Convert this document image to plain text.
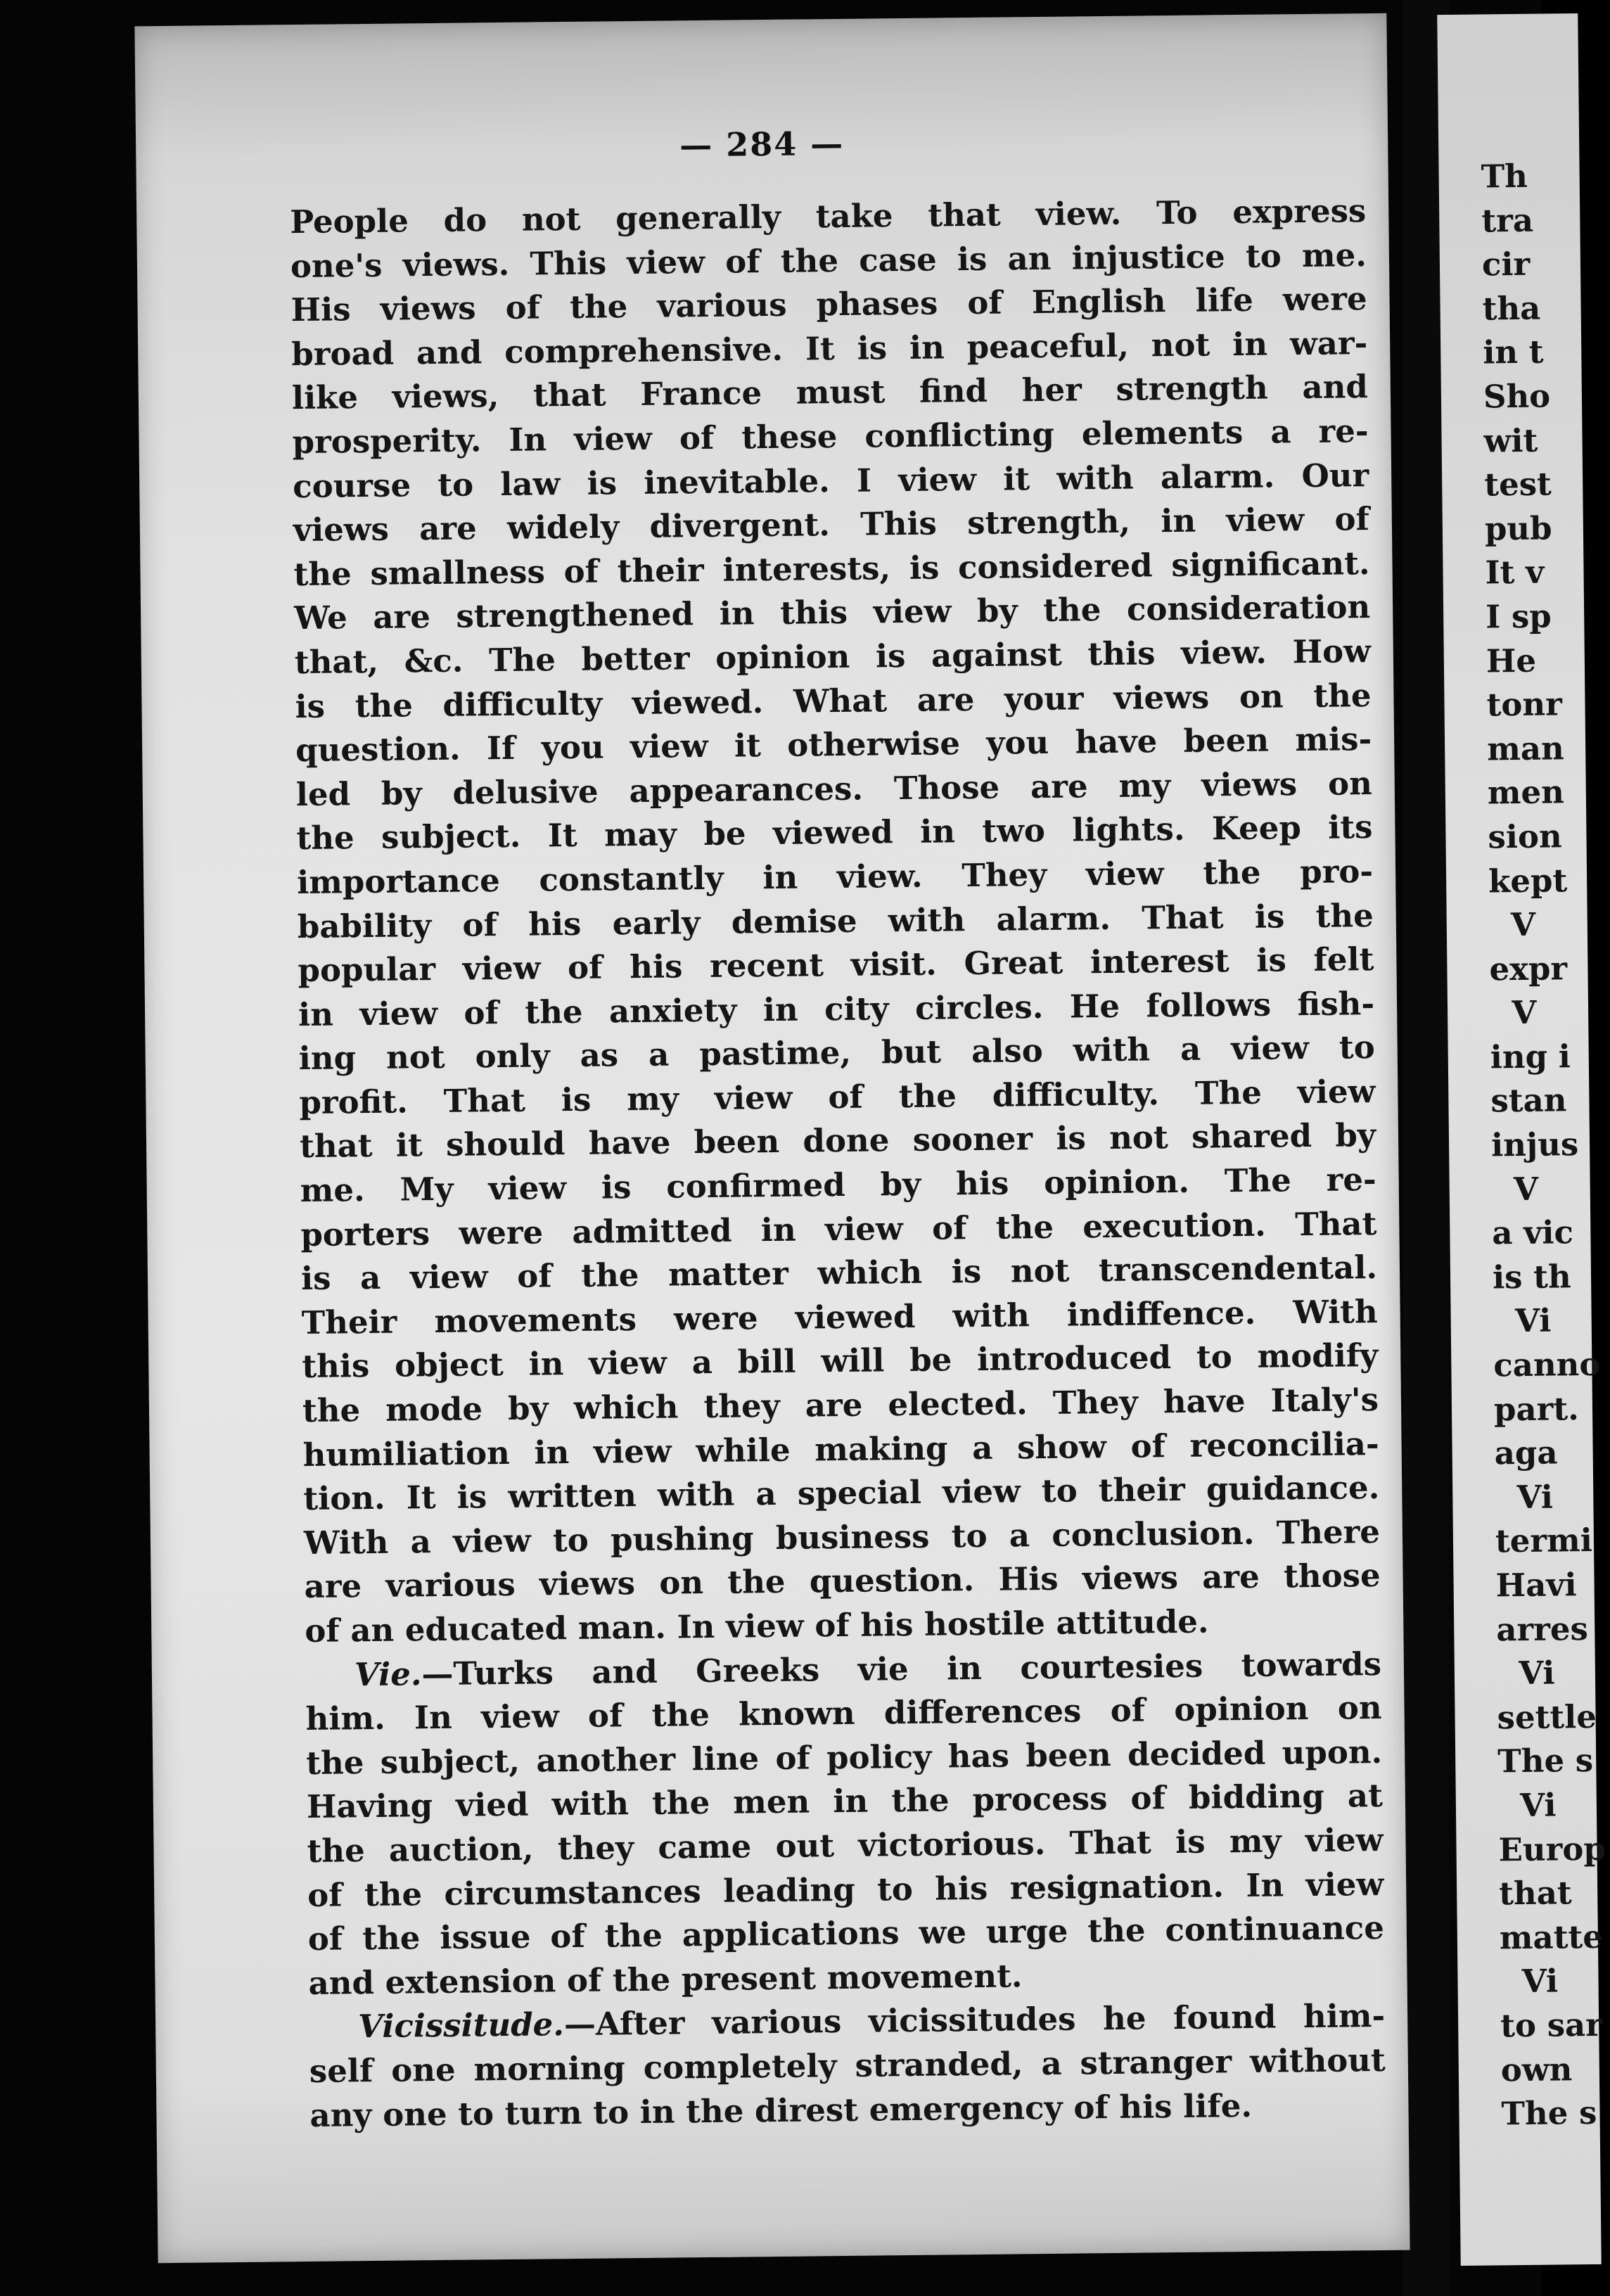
Th
tra
cir
tha
in t
Sho
wit
test
pub
It v
I sp
He
tonr
man
men
sion
kept
V
expr
V
ing i
stan
injus
V
a vic
is th
Vi
canno
part.
aga
Vi
termi
Havi
arres
Vi
settle
The s
Vi
Europ
that
matte
Vi
to sar
own
The s
— 284 —
People do not generally take that view. To express
one's views. This view of the case is an injustice to me.
His views of the various phases of English life were
broad and comprehensive. It is in peaceful, not in war-
like views, that France must find her strength and
prosperity. In view of these conflicting elements a re-
course to law is inevitable. I view it with alarm. Our
views are widely divergent. This strength, in view of
the smallness of their interests, is considered significant.
We are strengthened in this view by the consideration
that, &c. The better opinion is against this view. How
is the difficulty viewed. What are your views on the
question. If you view it otherwise you have been mis-
led by delusive appearances. Those are my views on
the subject. It may be viewed in two lights. Keep its
importance constantly in view. They view the pro-
bability of his early demise with alarm. That is the
popular view of his recent visit. Great interest is felt
in view of the anxiety in city circles. He follows fish-
ing not only as a pastime, but also with a view to
profit. That is my view of the difficulty. The view
that it should have been done sooner is not shared by
me. My view is confirmed by his opinion. The re-
porters were admitted in view of the execution. That
is a view of the matter which is not transcendental.
Their movements were viewed with indiffence. With
this object in view a bill will be introduced to modify
the mode by which they are elected. They have Italy's
humiliation in view while making a show of reconcilia-
tion. It is written with a special view to their guidance.
With a view to pushing business to a conclusion. There
are various views on the question. His views are those
of an educated man. In view of his hostile attitude.
Vie.—Turks and Greeks vie in courtesies towards
him. In view of the known differences of opinion on
the subject, another line of policy has been decided upon.
Having vied with the men in the process of bidding at
the auction, they came out victorious. That is my view
of the circumstances leading to his resignation. In view
of the issue of the applications we urge the continuance
and extension of the present movement.
Vicissitude.—After various vicissitudes he found him-
self one morning completely stranded, a stranger without
any one to turn to in the direst emergency of his life.
